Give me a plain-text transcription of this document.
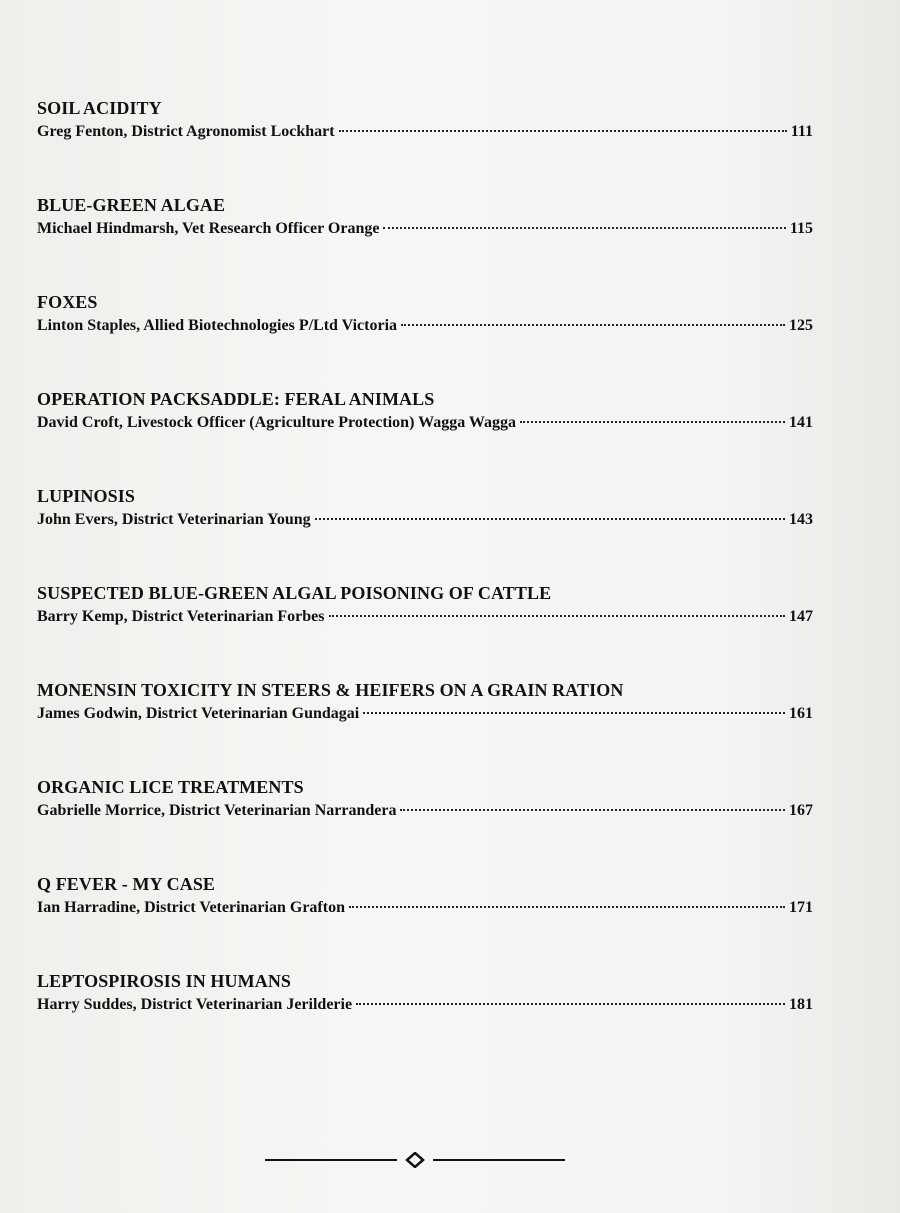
SOIL ACIDITY
Greg Fenton, District Agronomist Lockhart	111
BLUE-GREEN ALGAE
Michael Hindmarsh, Vet Research Officer Orange	115
FOXES
Linton Staples, Allied Biotechnologies P/Ltd Victoria	125
OPERATION PACKSADDLE: FERAL ANIMALS
David Croft, Livestock Officer (Agriculture Protection) Wagga Wagga	141
LUPINOSIS
John Evers, District Veterinarian Young	143
SUSPECTED BLUE-GREEN ALGAL POISONING OF CATTLE
Barry Kemp, District Veterinarian Forbes	147
MONENSIN TOXICITY IN STEERS & HEIFERS ON A GRAIN RATION
James Godwin, District Veterinarian Gundagai	161
ORGANIC LICE TREATMENTS
Gabrielle Morrice, District Veterinarian Narrandera	167
Q FEVER - MY CASE
Ian Harradine, District Veterinarian Grafton	171
LEPTOSPIROSIS IN HUMANS
Harry Suddes, District Veterinarian Jerilderie	181
